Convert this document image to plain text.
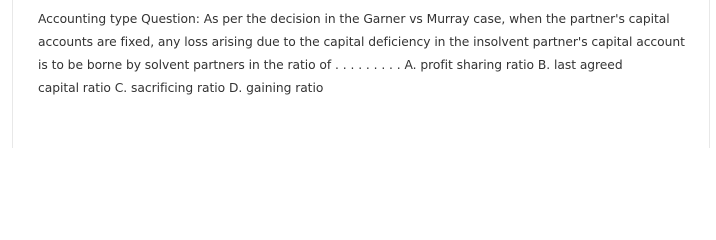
Accounting type Question: As per the decision in the Garner vs Murray case, when the partner's capital
accounts are fixed, any loss arising due to the capital deficiency in the insolvent partner's capital account
is to be borne by solvent partners in the ratio of . . . . . . . . . A. profit sharing ratio B. last agreed
capital ratio C. sacrificing ratio D. gaining ratio
